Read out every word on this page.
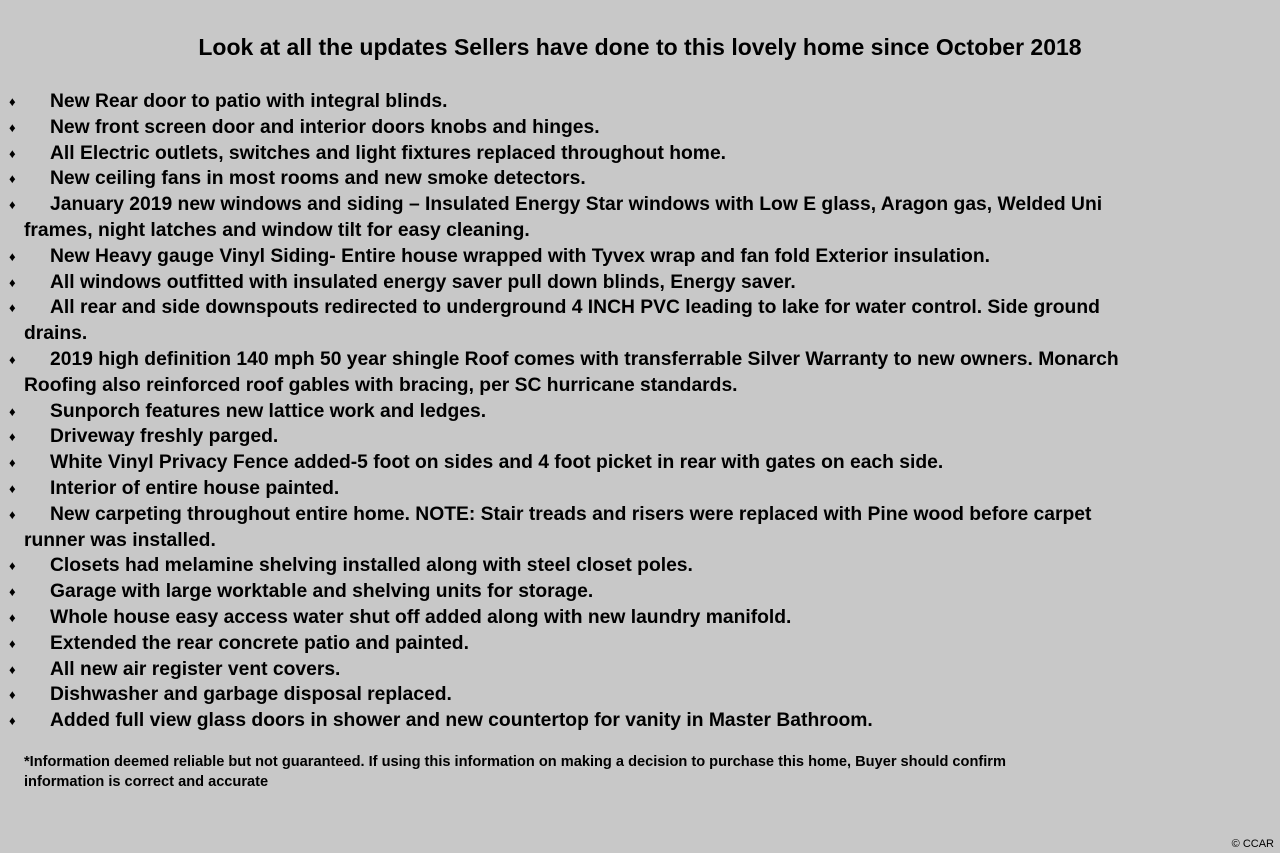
Look at all the updates Sellers have done to this lovely home since October 2018
♦	New Rear door to patio with integral blinds.
♦	New front screen door and interior doors knobs and hinges.
♦	All Electric outlets, switches and light fixtures replaced throughout home.
♦	New ceiling fans in most rooms and new smoke detectors.
♦	January 2019 new windows and siding – Insulated Energy Star windows with Low E glass, Aragon gas, Welded Uni
frames, night latches and window tilt for easy cleaning.
♦	New Heavy gauge Vinyl Siding- Entire house wrapped with Tyvex wrap and fan fold Exterior insulation.
♦	All windows outfitted with insulated energy saver pull down blinds, Energy saver.
♦	All rear and side downspouts redirected to underground 4 INCH PVC leading to lake for water control. Side ground
drains.
♦	2019 high definition 140 mph 50 year shingle Roof comes with transferrable Silver Warranty to new owners. Monarch
Roofing also reinforced roof gables with bracing, per SC hurricane standards.
♦	Sunporch features new lattice work and ledges.
♦	Driveway freshly parged.
♦	White Vinyl Privacy Fence added-5 foot on sides and 4 foot picket in rear with gates on each side.
♦	Interior of entire house painted.
♦	New carpeting throughout entire home. NOTE: Stair treads and risers were replaced with Pine wood before carpet
runner was installed.
♦	Closets had melamine shelving installed along with steel closet poles.
♦	Garage with large worktable and shelving units for storage.
♦	Whole house easy access water shut off added along with new laundry manifold.
♦	Extended the rear concrete patio and painted.
♦	All new air register vent covers.
♦	Dishwasher and garbage disposal replaced.
♦	Added full view glass doors in shower and new countertop for vanity in Master Bathroom.
*Information deemed reliable but not guaranteed. If using this information on making a decision to purchase this home, Buyer should confirm
information is correct and accurate
© CCAR
